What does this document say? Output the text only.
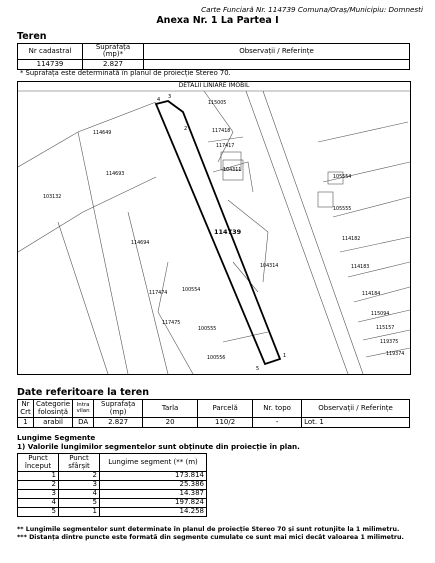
Carte Funciară Nr. 114739 Comuna/Oraș/Municipiu: Domnesti
Anexa Nr. 1 La Partea I
Teren
Nr cadastral	Suprafața (mp)*	Observații / Referințe
114739	2.827	
* Suprafața este determinată în planul de proiecție Stereo 70.
DETALII LINIARE IMOBIL
4 3
2
1
5
114739
115005
114649	117418
117417
114693
104311
105554
103132
105555
114694
114182
104314	114183
117474
100554
114184
115094
117475
100555	115157
119375
100556
119374
Date referitoare la teren
Nr Crt	Categorie folosință	Intra vilan	Suprafața (mp)	Tarla	Parcelă	Nr. topo	Observații / Referințe
1	arabil	DA	2.827	20	110/2	-	Lot. 1
Lungime Segmente
1) Valorile lungimilor segmentelor sunt obținute din proiecție în plan.
Punct început	Punct sfârșit	Lungime segment (** (m)
1	2	173.814
2	3	25.386
3	4	14.387
4	5	197.824
5	1	14.258
** Lungimile segmentelor sunt determinate în planul de proiecție Stereo 70 și sunt rotunjite la 1 milimetru.
*** Distanța dintre puncte este formată din segmente cumulate ce sunt mai mici decât valoarea 1 milimetru.
